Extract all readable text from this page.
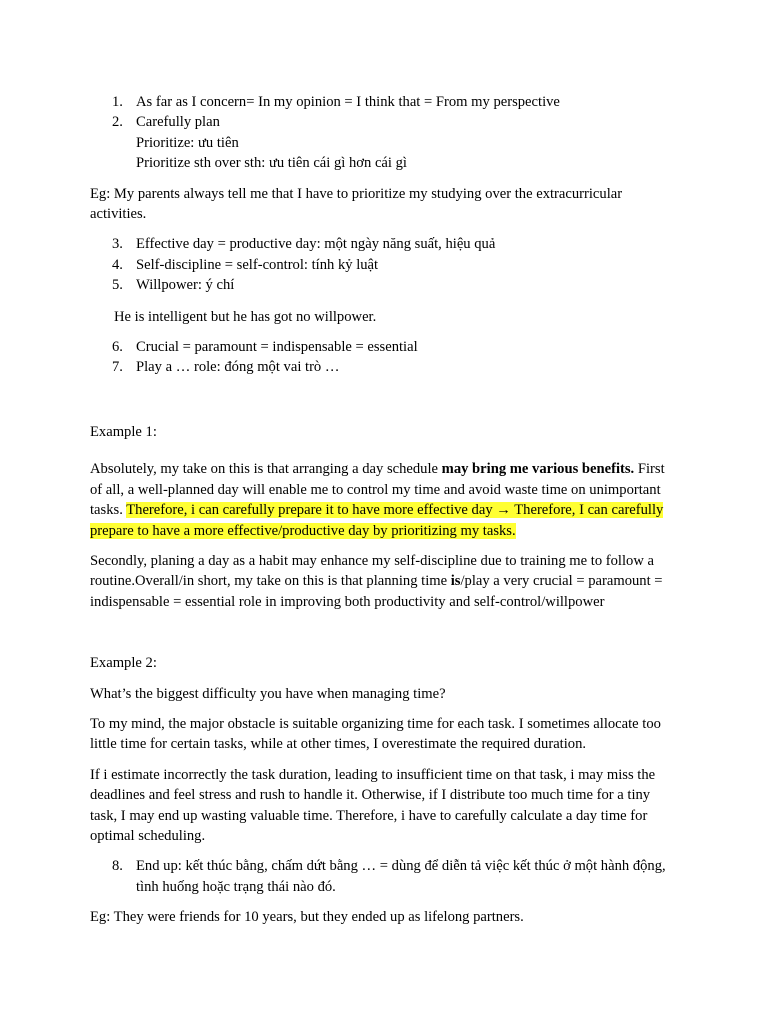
1. As far as I concern= In my opinion = I think that = From my perspective
2. Carefully plan
Prioritize: ưu tiên
Prioritize sth over sth: ưu tiên cái gì hơn cái gì

Eg: My parents always tell me that I have to prioritize my studying over the extracurricular activities.

3. Effective day = productive day: một ngày năng suất, hiệu quả
4. Self-discipline = self-control: tính kỷ luật
5. Willpower: ý chí

He is intelligent but he has got no willpower.

6. Crucial = paramount = indispensable = essential
7. Play a … role: đóng một vai trò …

Example 1:

Absolutely, my take on this is that arranging a day schedule may bring me various benefits. First of all, a well-planned day will enable me to control my time and avoid waste time on unimportant tasks. Therefore, i can carefully prepare it to have more effective day → Therefore, I can carefully prepare to have a more effective/productive day by prioritizing my tasks.

Secondly, planing a day as a habit may enhance my self-discipline due to training me to follow a routine.Overall/in short, my take on this is that planning time is/play a very crucial = paramount = indispensable = essential role in improving both productivity and self-control/willpower

Example 2:

What’s the biggest difficulty you have when managing time?

To my mind, the major obstacle is suitable organizing time for each task. I sometimes allocate too little time for certain tasks, while at other times, I overestimate the required duration.

If i estimate incorrectly the task duration, leading to insufficient time on that task, i may miss the deadlines and feel stress and rush to handle it. Otherwise, if I distribute too much time for a tiny task, I may end up wasting valuable time. Therefore, i have to carefully calculate a day time for optimal scheduling.

8. End up: kết thúc bằng, chấm dứt bằng … = dùng để diễn tả việc kết thúc ở một hành động, tình huống hoặc trạng thái nào đó.

Eg: They were friends for 10 years, but they ended up as lifelong partners.
